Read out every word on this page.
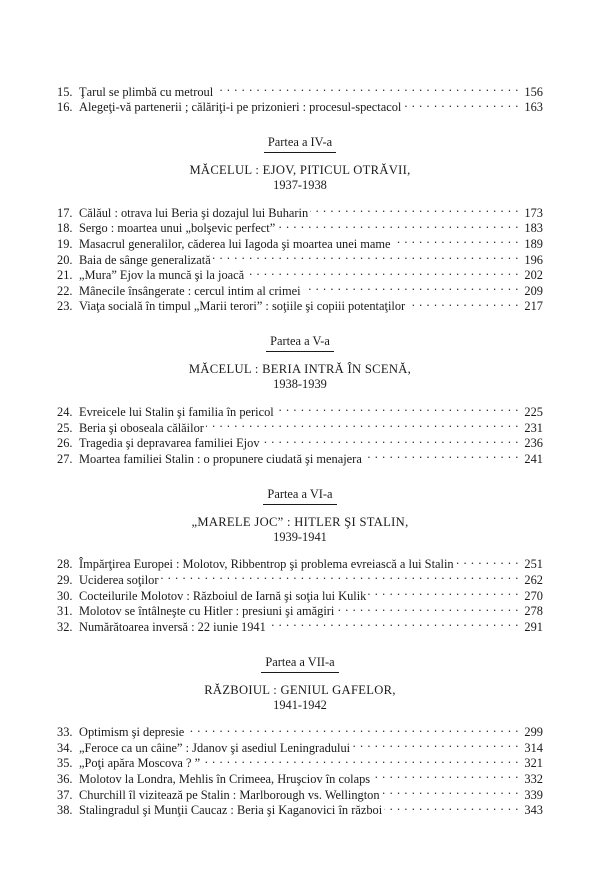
15. Ţarul se plimbă cu metroul . . .	156
16. Alegeţi-vă partenerii ; călăriţi-i pe prizonieri : procesul-spectacol . . .	163
Partea a IV-a
MĂCELUL : EJOV, PITICUL OTRĂVII,
1937-1938
17. Călăul : otrava lui Beria şi dozajul lui Buharin . . .	173
18. Sergo : moartea unui „bolşevic perfect” . . .	183
19. Masacrul generalilor, căderea lui Iagoda şi moartea unei mame . . .	189
20. Baia de sânge generalizată . . .	196
21. „Mura” Ejov la muncă şi la joacă . . .	202
22. Mânecile însângerate : cercul intim al crimei . . .	209
23. Viaţa socială în timpul „Marii terori” : soţiile şi copiii potentaţilor . . .	217
Partea a V-a
MĂCELUL : BERIA INTRĂ ÎN SCENĂ,
1938-1939
24. Evreicele lui Stalin şi familia în pericol . . .	225
25. Beria şi oboseala călăilor . . .	231
26. Tragedia şi depravarea familiei Ejov . . .	236
27. Moartea familiei Stalin : o propunere ciudată şi menajera . . .	241
Partea a VI-a
„MARELE JOC” : HITLER ŞI STALIN,
1939-1941
28. Împărţirea Europei : Molotov, Ribbentrop şi problema evreiască a lui Stalin . . .	251
29. Uciderea soţilor . . .	262
30. Cocteilurile Molotov : Războiul de Iarnă şi soţia lui Kulik . . .	270
31. Molotov se întâlneşte cu Hitler : presiuni şi amăgiri . . .	278
32. Numărătoarea inversă : 22 iunie 1941 . . .	291
Partea a VII-a
RĂZBOIUL : GENIUL GAFELOR,
1941-1942
33. Optimism şi depresie . . .	299
34. „Feroce ca un câine” : Jdanov şi asediul Leningradului . . .	314
35. „Poţi apăra Moscova ? ” . . .	321
36. Molotov la Londra, Mehlis în Crimeea, Hruşciov în colaps . . .	332
37. Churchill îl vizitează pe Stalin : Marlborough vs. Wellington . . .	339
38. Stalingradul şi Munţii Caucaz : Beria şi Kaganovici în război . . .	343
